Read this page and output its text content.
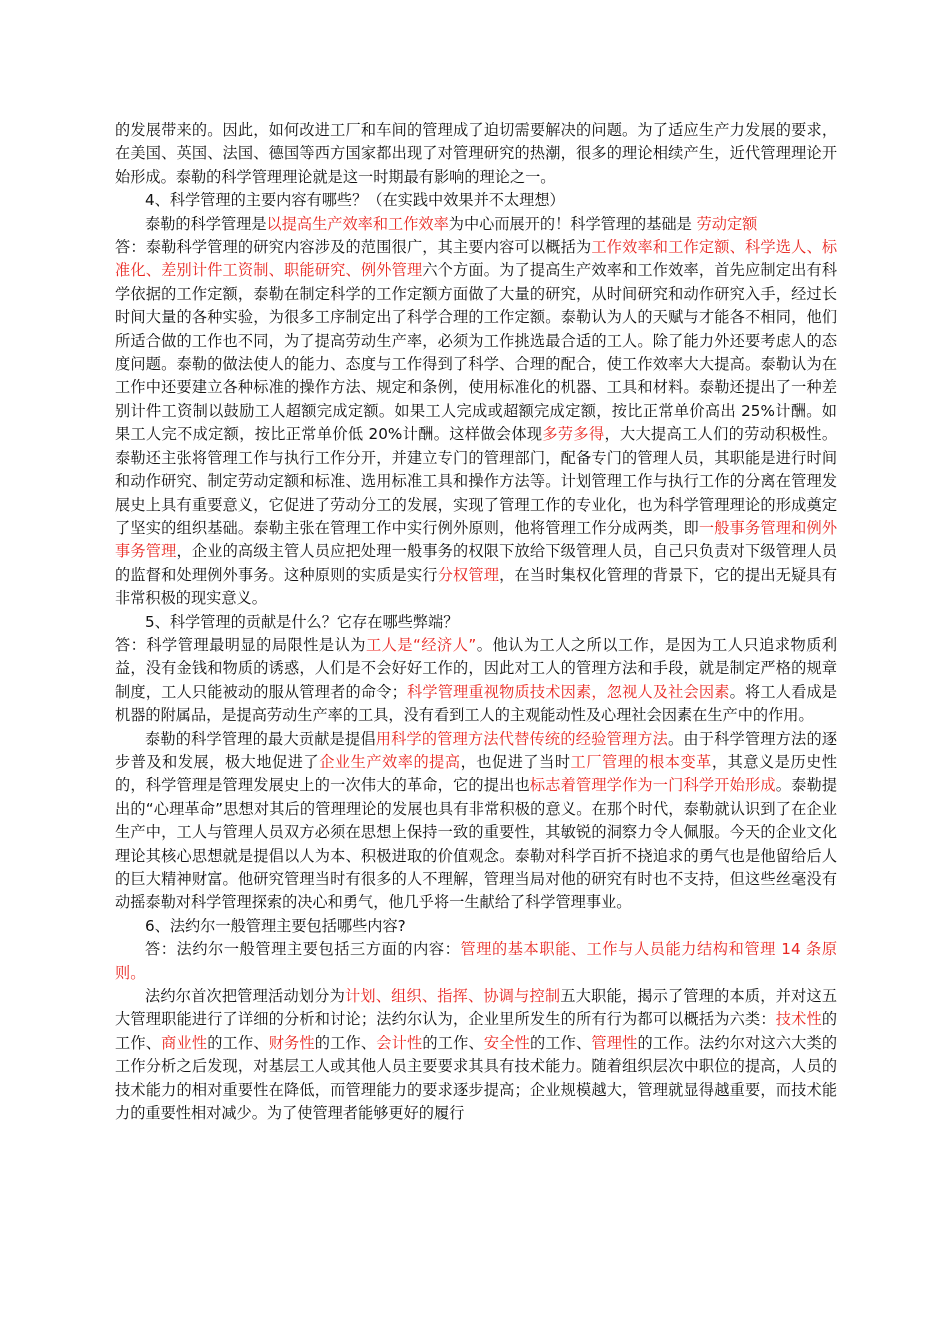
的发展带来的。因此，如何改进工厂和车间的管理成了迫切需要解决的问题。为了适应生产力发展的要求，在美国、英国、法国、德国等西方国家都出现了对管理研究的热潮，很多的理论相续产生，近代管理理论开始形成。泰勒的科学管理理论就是这一时期最有影响的理论之一。

4、科学管理的主要内容有哪些？（在实践中效果并不太理想）

泰勒的科学管理是以提高生产效率和工作效率为中心而展开的！科学管理的基础是 劳动定额

答：泰勒科学管理的研究内容涉及的范围很广，其主要内容可以概括为工作效率和工作定额、科学选人、标准化、差别计件工资制、职能研究、例外管理六个方面。为了提高生产效率和工作效率，首先应制定出有科学依据的工作定额，泰勒在制定科学的工作定额方面做了大量的研究，从时间研究和动作研究入手，经过长时间大量的各种实验，为很多工序制定出了科学合理的工作定额。泰勒认为人的天赋与才能各不相同，他们所适合做的工作也不同，为了提高劳动生产率，必须为工作挑选最合适的工人。除了能力外还要考虑人的态度问题。泰勒的做法使人的能力、态度与工作得到了科学、合理的配合，使工作效率大大提高。泰勒认为在工作中还要建立各种标准的操作方法、规定和条例，使用标准化的机器、工具和材料。泰勒还提出了一种差别计件工资制以鼓励工人超额完成定额。如果工人完成或超额完成定额，按比正常单价高出 25%计酬。如果工人完不成定额，按比正常单价低 20%计酬。这样做会体现多劳多得，大大提高工人们的劳动积极性。泰勒还主张将管理工作与执行工作分开，并建立专门的管理部门，配备专门的管理人员，其职能是进行时间和动作研究、制定劳动定额和标准、选用标准工具和操作方法等。计划管理工作与执行工作的分离在管理发展史上具有重要意义，它促进了劳动分工的发展，实现了管理工作的专业化，也为科学管理理论的形成奠定了坚实的组织基础。泰勒主张在管理工作中实行例外原则，他将管理工作分成两类，即一般事务管理和例外事务管理，企业的高级主管人员应把处理一般事务的权限下放给下级管理人员，自己只负责对下级管理人员的监督和处理例外事务。这种原则的实质是实行分权管理，在当时集权化管理的背景下，它的提出无疑具有非常积极的现实意义。

5、科学管理的贡献是什么？它存在哪些弊端？

答：科学管理最明显的局限性是认为工人是“经济人”。他认为工人之所以工作，是因为工人只追求物质利益，没有金钱和物质的诱惑，人们是不会好好工作的，因此对工人的管理方法和手段，就是制定严格的规章制度，工人只能被动的服从管理者的命令；科学管理重视物质技术因素，忽视人及社会因素。将工人看成是机器的附属品，是提高劳动生产率的工具，没有看到工人的主观能动性及心理社会因素在生产中的作用。

泰勒的科学管理的最大贡献是提倡用科学的管理方法代替传统的经验管理方法。由于科学管理方法的逐步普及和发展，极大地促进了企业生产效率的提高，也促进了当时工厂管理的根本变革，其意义是历史性的，科学管理是管理发展史上的一次伟大的革命，它的提出也标志着管理学作为一门科学开始形成。泰勒提出的“心理革命”思想对其后的管理理论的发展也具有非常积极的意义。在那个时代，泰勒就认识到了在企业生产中，工人与管理人员双方必须在思想上保持一致的重要性，其敏锐的洞察力令人佩服。今天的企业文化理论其核心思想就是提倡以人为本、积极进取的价值观念。泰勒对科学百折不挠追求的勇气也是他留给后人的巨大精神财富。他研究管理当时有很多的人不理解，管理当局对他的研究有时也不支持，但这些丝毫没有动摇泰勒对科学管理探索的决心和勇气，他几乎将一生献给了科学管理事业。

6、法约尔一般管理主要包括哪些内容?

答：法约尔一般管理主要包括三方面的内容：管理的基本职能、工作与人员能力结构和管理 14 条原则。

法约尔首次把管理活动划分为计划、组织、指挥、协调与控制五大职能，揭示了管理的本质，并对这五大管理职能进行了详细的分析和讨论；法约尔认为，企业里所发生的所有行为都可以概括为六类：技术性的工作、商业性的工作、财务性的工作、会计性的工作、安全性的工作、管理性的工作。法约尔对这六大类的工作分析之后发现，对基层工人或其他人员主要要求其具有技术能力。随着组织层次中职位的提高，人员的技术能力的相对重要性在降低，而管理能力的要求逐步提高；企业规模越大，管理就显得越重要，而技术能力的重要性相对减少。为了使管理者能够更好的履行
